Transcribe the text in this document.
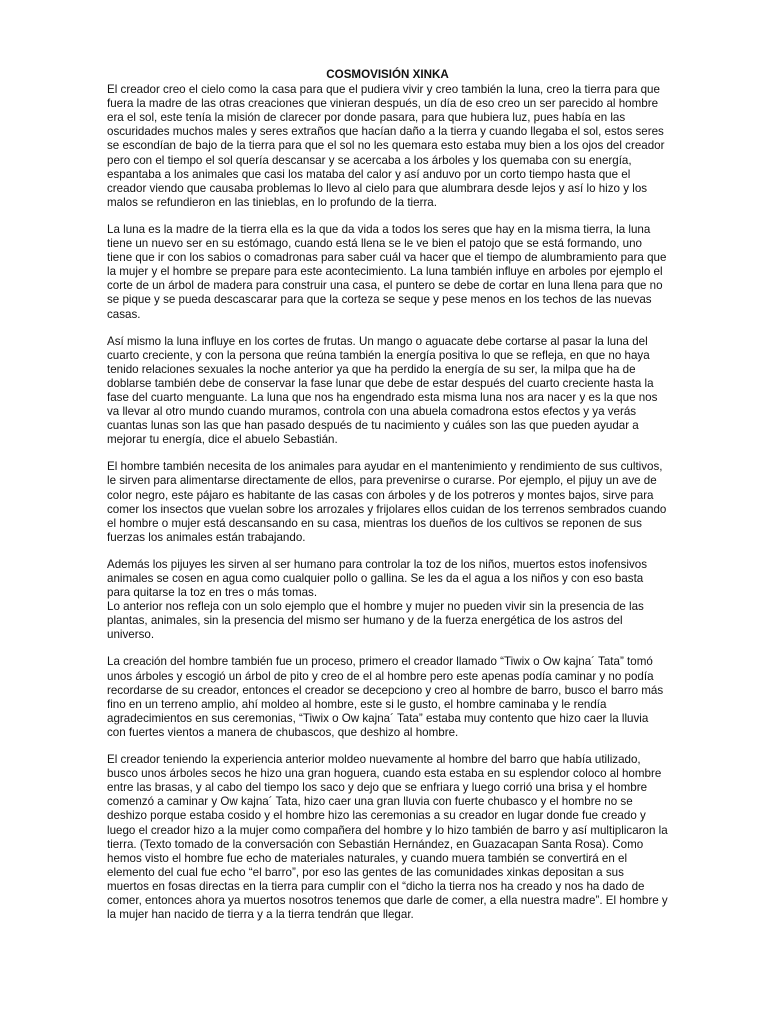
COSMOVISIÓN XINKA

El creador creo el cielo como la casa para que el pudiera vivir y creo también la luna, creo la tierra para que fuera la madre de las otras creaciones que vinieran después, un día de eso creo un ser parecido al hombre era el sol, este tenía la misión de clarecer por donde pasara, para que hubiera luz, pues había en las oscuridades muchos males y seres extraños que hacían daño a la tierra y cuando llegaba el sol, estos seres se escondían de bajo de la tierra para que el sol no les quemara esto estaba muy bien a los ojos del creador pero con el tiempo el sol quería descansar y se acercaba a los árboles y los quemaba con su energía, espantaba a los animales que casi los mataba del calor y así anduvo por un corto tiempo hasta que el creador viendo que causaba problemas lo llevo al cielo para que alumbrara desde lejos y así lo hizo y los malos se refundieron en las tinieblas, en lo profundo de la tierra.

La luna es la madre de la tierra ella es la que da vida a todos los seres que hay en la misma tierra, la luna tiene un nuevo ser en su estómago, cuando está llena se le ve bien el patojo que se está formando, uno tiene que ir con los sabios o comadronas para saber cuál va hacer que el tiempo de alumbramiento para que la mujer y el hombre se prepare para este acontecimiento. La luna también influye en arboles por ejemplo el corte de un árbol de madera para construir una casa, el puntero se debe de cortar en luna llena para que no se pique y se pueda descascarar para que la corteza se seque y pese menos en los techos de las nuevas casas.

Así mismo la luna influye en los cortes de frutas. Un mango o aguacate debe cortarse al pasar la luna del cuarto creciente, y con la persona que reúna también la energía positiva lo que se refleja, en que no haya tenido relaciones sexuales la noche anterior ya que ha perdido la energía de su ser, la milpa que ha de doblarse también debe de conservar la fase lunar que debe de estar después del cuarto creciente hasta la fase del cuarto menguante. La luna que nos ha engendrado esta misma luna nos ara nacer y es la que nos va llevar al otro mundo cuando muramos, controla con una abuela comadrona estos efectos y ya verás cuantas lunas son las que han pasado después de tu nacimiento y cuáles son las que pueden ayudar a mejorar tu energía, dice el abuelo Sebastián.

El hombre también necesita de los animales para ayudar en el mantenimiento y rendimiento de sus cultivos, le sirven para alimentarse directamente de ellos, para prevenirse o curarse. Por ejemplo, el pijuy un ave de color negro, este pájaro es habitante de las casas con árboles y de los potreros y montes bajos, sirve para comer los insectos que vuelan sobre los arrozales y frijolares ellos cuidan de los terrenos sembrados cuando el hombre o mujer está descansando en su casa, mientras los dueños de los cultivos se reponen de sus fuerzas los animales están trabajando.

Además los pijuyes les sirven al ser humano para controlar la toz de los niños, muertos estos inofensivos animales se cosen en agua como cualquier pollo o gallina. Se les da el agua a los niños y con eso basta para quitarse la toz en tres o más tomas.

Lo anterior nos refleja con un solo ejemplo que el hombre y mujer no pueden vivir sin la presencia de las plantas, animales, sin la presencia del mismo ser humano y de la fuerza energética de los astros del universo.

La creación del hombre también fue un proceso, primero el creador llamado “Tiwix o Ow kajna´ Tata” tomó unos árboles y escogió un árbol de pito y creo de el al hombre pero este apenas podía caminar y no podía recordarse de su creador, entonces el creador se decepciono y creo al hombre de barro, busco el barro más fino en un terreno amplio, ahí moldeo al hombre, este si le gusto, el hombre caminaba y le rendía agradecimientos en sus ceremonias, “Tiwix o Ow kajna´ Tata” estaba muy contento que hizo caer la lluvia con fuertes vientos a manera de chubascos, que deshizo al hombre.

El creador teniendo la experiencia anterior moldeo nuevamente al hombre del barro que había utilizado, busco unos árboles secos he hizo una gran hoguera, cuando esta estaba en su esplendor coloco al hombre entre las brasas, y al cabo del tiempo los saco y dejo que se enfriara y luego corrió una brisa y el hombre comenzó a caminar y Ow kajna´ Tata, hizo caer una gran lluvia con fuerte chubasco y el hombre no se deshizo porque estaba cosido y el hombre hizo las ceremonias a su creador en lugar donde fue creado y luego el creador hizo a la mujer como compañera del hombre y lo hizo también de barro y así multiplicaron la tierra. (Texto tomado de la conversación con Sebastián Hernández, en Guazacapan Santa Rosa). Como hemos visto el hombre fue echo de materiales naturales, y cuando muera también se convertirá en el elemento del cual fue echo “el barro”, por eso las gentes de las comunidades xinkas depositan a sus muertos en fosas directas en la tierra para cumplir con el “dicho la tierra nos ha creado y nos ha dado de comer, entonces ahora ya muertos nosotros tenemos que darle de comer, a ella nuestra madre”. El hombre y la mujer han nacido de tierra y a la tierra tendrán que llegar.
